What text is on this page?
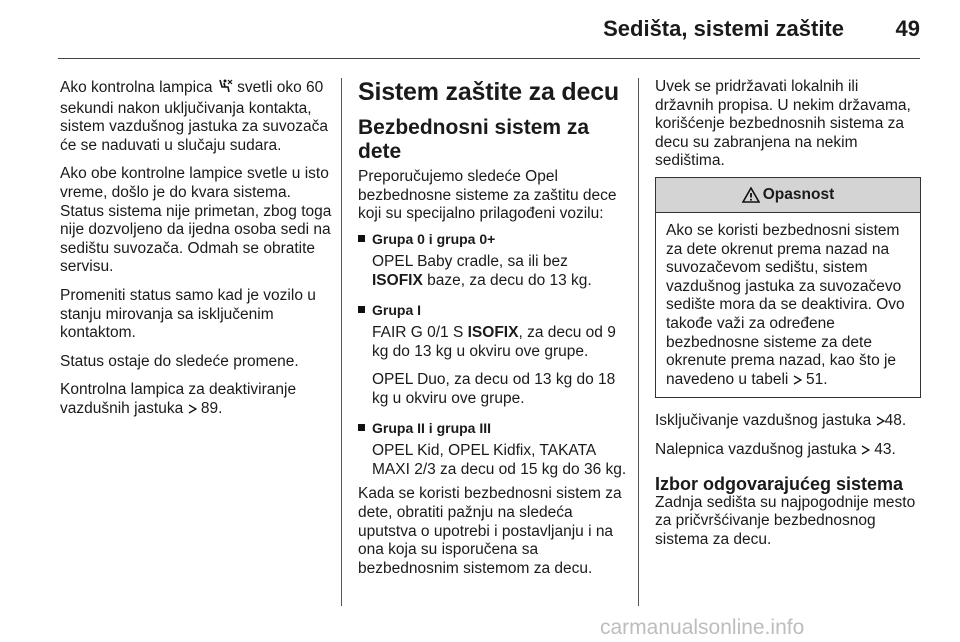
Sedišta, sistemi zaštite 49

Ako kontrolna lampica svetli oko 60 sekundi nakon uključivanja kontakta, sistem vazdušnog jastuka za suvozača će se naduvati u slučaju sudara.

Ako obe kontrolne lampice svetle u isto vreme, došlo je do kvara sistema. Status sistema nije primetan, zbog toga nije dozvoljeno da ijedna osoba sedi na sedištu suvozača. Odmah se obratite servisu.

Promeniti status samo kad je vozilo u stanju mirovanja sa isključenim kontaktom.

Status ostaje do sledeće promene.

Kontrolna lampica za deaktiviranje vazdušnih jastuka 89.

Sistem zaštite za decu
Bezbednosni sistem za dete

Preporučujemo sledeće Opel bezbednosne sisteme za zaštitu dece koji su specijalno prilagođeni vozilu:

Grupa 0 i grupa 0+

OPEL Baby cradle, sa ili bez
ISOFIX baze, za decu do 13 kg.

Grupa I

FAIR G 0/1 S ISOFIX, za decu od 9 kg do 13 kg u okviru ove grupe.

OPEL Duo, za decu od 13 kg do 18 kg u okviru ove grupe.

Grupa II i grupa III

OPEL Kid, OPEL Kidfix, TAKATA MAXI 2/3 za decu od 15 kg do 36 kg.

Kada se koristi bezbednosni sistem za dete, obratiti pažnju na sledeća uputstva o upotrebi i postavljanju i na ona koja su isporučena sa bezbednosnim sistemom za decu.

Uvek se pridržavati lokalnih ili državnih propisa. U nekim državama, korišćenje bezbednosnih sistema za decu su zabranjena na nekim sedištima.

Opasnost
Ako se koristi bezbednosni sistem za dete okrenut prema nazad na suvozačevom sedištu, sistem vazdušnog jastuka za suvozačevo sedište mora da se deaktivira. Ovo takođe važi za određene bezbednosne sisteme za dete okrenute prema nazad, kao što je navedeno u tabeli 51.

Isključivanje vazdušnog jastuka 48.

Nalepnica vazdušnog jastuka 43.

Izbor odgovarajućeg sistema

Zadnja sedišta su najpogodnije mesto za pričvršćivanje bezbednosnog sistema za decu.

carmanualsonline.info
